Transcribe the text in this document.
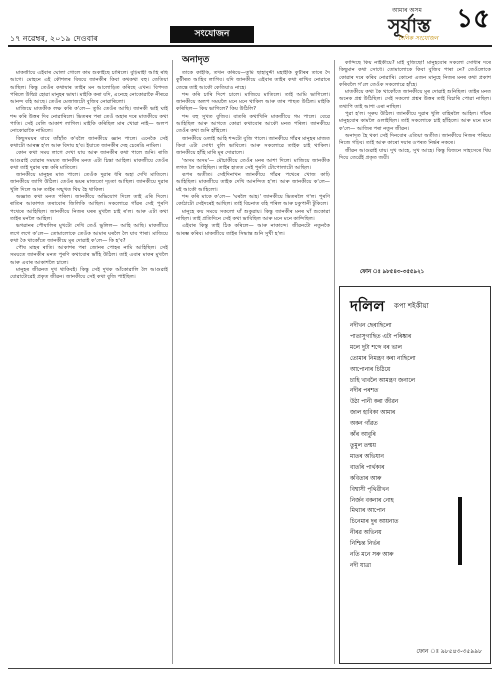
১৭ নৱেম্বৰ, ২০১৯ দেওবাৰ	সংযোজন
আমাৰ অসম
সূৰ্যাস্ত
দৈনিক সংযোজন
১৫
অনাদৃত

মাকজীয়ে এইবাৰ ঘোলা গোলে কাম শুকাইছে চাৰিলে। বুঢ়িমাহী আহি ৰছি আগে। মোহনে এই কৌশলৰ বিষয়ে জানকীৰ কিবা কথকথা বহু। তেতিয়া আছিল। কিন্তু তেওঁৰ কথাষাৰ তাইৰ মন আলোড়িত কৰিছে এখন। বিপদত পৰিলে উদ্বিগ্ন হোৱা মানুহৰ ভাষা। মাইকি কৰা যদি, এনেহে নোকোৱাকৈ নীৰৱে আনন্দ বহি আছে। তেওঁৰ মেজাজটো বুজিব নোৱাৰিলো।

মাজিয়ে মাতকীক লক্ষ কৰি ক'লে— তুমি তেওঁৰ আছি। জানকী ভাই ঘাই শব্দ কৰি উত্তৰ দিব নোৱাৰিলে। ভিতৰৰ পৰা তেওঁ অহাৰ দৰে মাতকীয়ে কথা পাতি। সেই বেলি আকাশ লাগিল। মাইকি কৰিছিল মাৰ খোৱা নাই— অলপ নোকোৱাকৈ নামিলে।

কিছুসময়ৰ বাবে তাঁহাঁত ক'বলৈ জানকীয়ে জ্ঞান পালে। এনেকৈ সেই কথাটো আৰম্ভ হ'ল আৰু বিদায় হ'ব। ইয়াতে জানকীৰ দেহ চেৰেঙি নামিল।

কোন কথা সময় লাগে দেখা যায় আৰু জানকীৰ কথা পালে শুনি। ৰাতি আগুৱাই যোৱাৰ সময়ত জানকীৰ মনত এটা চিন্তা আহিল। মাকজীয়ে তেওঁৰ কথা তাই দুৱাৰ বন্ধ কৰি মাতিলে।

জানকীয়ে মানুহৰ মাত পালে। তেওঁক দুৱাৰ ধৰি অহা দেখি মাতিলে। জানকীয়ে জাগি উঠিল। তেওঁৰ ভয়ৰ মাজতো দৃঢ়তা আছিল। জানকীয়ে দুৱাৰ খুলি দিলে আৰু তাইৰ সন্মুখত থিয় হৈ থাকিল।

অজ্ঞাত কথা মনত পৰিল। জানকীয়ে অভিযোগ দিলে তাই এৰি দিলে। ৰাতিৰ আকাশত তৰাবোৰ জিলিকি আছিল। সকলোৱে গাঁৱৰ সেই পুৰণি পথেৰে আহিছিল। জানকীয়ে নিজৰ ঘৰৰ মুখলৈ চাই ৰ'ল। আৰু এটা কথা তাইৰ মনলৈ আহিল।

ভগৱানৰ পৌষালিৰ মুখটো দেখি তেওঁ ভুলিল— আহি আছি। মাকজীয়ে লগে লগে ক'লে— তোমালোকে তেওঁক আমাৰ ঘৰলৈ লৈ যাব পাৰা। মাজিয়ে কথা কৈ থাকোঁতে জানকীয়ে মূৰ দোৱাই ক'লে— কি হ'ব?

পৌষ মাহৰ ৰাতি। আকাশৰ পৰা জোনৰ পোহৰ নামি আহিছিল। সেই সময়তে জানকীৰ মনত পুৰণি কথাবোৰ ভাঁহি উঠিল। তাই এবাৰ মাকৰ মুখলৈ আৰু এবাৰ আকাশলৈ চালে।

মানুহৰ জীৱনত দুখ থাকিবই। কিন্তু সেই দুখক আঁকোৱালি লৈ আগুৱাই যোৱাটোৱেই প্ৰকৃত জীৱন। জানকীয়ে সেই কথা বুজি পাইছিল।

তাকে কাইকি, তখন কৰিয়ে—তুমি ছাহাবুদ্দী মহাইকি কুটীৰৰ তাৰে দৈ কুটীৰত আহিব লাগিব। যদি জানকীয়ে এইবাৰ তাইৰ কথা ৰাখিব নোৱাৰে তেন্তে তাই আকৌ কেতিয়াও নাহে।

শব্দ কৰি চাৰি দিশে চালে। মাজিয়ে মাতিলে। তাই আমি ভাগিলো। জানকীয়ে অলপ সময়লৈ মনে মনে থাকিল আৰু তাৰ পাছত উঠিল। মাইকি কৰিছিল— কিয় ভাগিলে? কিয় উঠিলি?

শব্দ বহু সুখত বুজিব। বাতৰি কথাখিনি মাকজীয়ে গম পালে। বেৱে আহিছিল আৰু আগতে কোৱা কথাবোৰ আকৌ মনত পৰিল। জানকীয়ে তেওঁৰ কথা শুনি হাঁহিলে।

জানকীয়ে ওলাই আহি শব্দটো বুজি পালে। জানকীয়ে গাঁৱৰ মানুহৰ মাজত কিবা এটা সোধা বুলি ভাবিলে। আৰু সকলোৱে তাইক চাই থাকিল। জানকীয়ে হাঁহি মাৰি মূৰ দোৱালে।

'অসম অসম'— মৌচাকীয়ে তেওঁৰ মনৰ আশা দিলে। মাজিয়ে জানকীক লগত লৈ আহিছিল। তাইৰ হাতত সেই পুৰণি টোপোলাটো আছিল।

ৰূপৰ অতীত। সেইদিনাখন জানকীয়ে গাঁৱৰ পথেৰে খোজ কাঢ়ি আহিছিল। মাকজীয়ে তাইক দেখি আনন্দিত হ'ল। আৰু জানকীয়ে ক'লে— মই আকৌ আহিলো।

শব্দ কৰি মাকে ক'লে— 'ঘৰলৈ আহ।' জানকীয়ে ভিতৰলৈ গ'ল। পুৰণি কোঠাটো সেইদৰেই আছিল। তাই বিচনাত বহি পৰিল আৰু চকুপানী টুকিলে।

মানুহে কয় সময়ে সকলো ঘাঁ শুকুৱায়। কিন্তু জানকীৰ মনৰ ঘাঁ শুকোৱা নাছিল। তাই প্ৰতিদিনে সেই কথা ভাবিছিল আৰু মনে মনে কান্দিছিল।

এইবাৰ কিন্তু তাই ঠিক কৰিলে— আৰু নাকান্দে। জীৱনটো নতুনকৈ আৰম্ভ কৰিব। মাকজীয়ে তাইৰ সিদ্ধান্ত শুনি সুখী হ'ল।

কান্দিছে কিয় নাইকীয়ে? মাই বুজিছো! মানুহবোৰ সকলো সোধাৰ দৰে কিছুমান কথা সোধে। তোমালোকে কিবা বুজিব পাৰা নে? তেওঁলোকে কোৱাৰ দৰে কৰিব নোৱাৰি। কোনো এজন মানুহে নিজৰ মনৰ কথা প্ৰকাশ কৰিবলৈ গ'লে তেওঁক সকলোৱে হাঁহে।

মাতকীয়ে কথা কৈ থাকোঁতে জানকীয়ে মূৰ দোৱাই শুনিছিল। তাইৰ মনত অনেক প্ৰশ্ন উঠিছিল। সেই সকলো প্ৰশ্নৰ উত্তৰ তাই বিচাৰি পোৱা নাছিল। তথাপি তাই আশা এৰা নাছিল।

পুৱা হ'ল। সূৰুয উঠিল। জানকীয়ে দুৱাৰ খুলি বাহিৰলৈ আহিল। গাঁৱৰ মানুহবোৰ কামলৈ ওলাইছিল। তাই সকলোকে চাই হাঁহিলে। আৰু মনে মনে ক'লে— আজিৰ পৰা নতুন জীৱন।

অনাদৃত হৈ থকা সেই দিনবোৰ এতিয়া অতীত। জানকীয়ে নিজৰ পৰিচয় নিজে গঢ়িব। তাই আৰু কাৰো দয়াৰ ওপৰত নিৰ্ভৰ নকৰে।

জীৱন আগুৱাই যায়। দুখ আহে, সুখ আহে। কিন্তু যিজনে সাহসেৰে থিয় দিয়ে তেৱেঁই প্ৰকৃত জয়ী।

ফোন ঃ ৯৮৫৪৩-৩৫৫৯২১
দলিল কপা শইকীয়া
নদীখন ছেৰাছিলো
পাতাসুগাছিত এটা পৰিষ্কাৰ
মলে দুটা শব্দে বৰ ভাল
তোমাৰ নিমন্ত্ৰণ কৰা নাছিলো
আপোনাৰ চিঠিয়ে
চাহি খাবলৈ আমন্ত্ৰণ জনালে
নদীৰ পৰশত
উঠা পানী কৰা জীৱন
জাল হাবিকা আমাৰ
অকন গাঁৱত
কাঁৰ আবুৰি
তুমুল তন্ময়
মাতৰ অভিযান
বাতৰি পাৰ্থক্যৰ
কবিতাৰ আৰু
বিশ্বাসী পৃথিৱীখন
নিৰ্জন বকনাৰ নোহ
মিথ্যাৰ আপোন
চিনেমাৰ দুৰ আয়নাত
নীৰৱ অভিনয়
নিশ্চিন্ত নিৰ্ভৰ
নতি মনে সৰু আৰু
নদী যাত্ৰা
ফোন ঃ ৯৮৫৪৩-৩৫৯৯৮
